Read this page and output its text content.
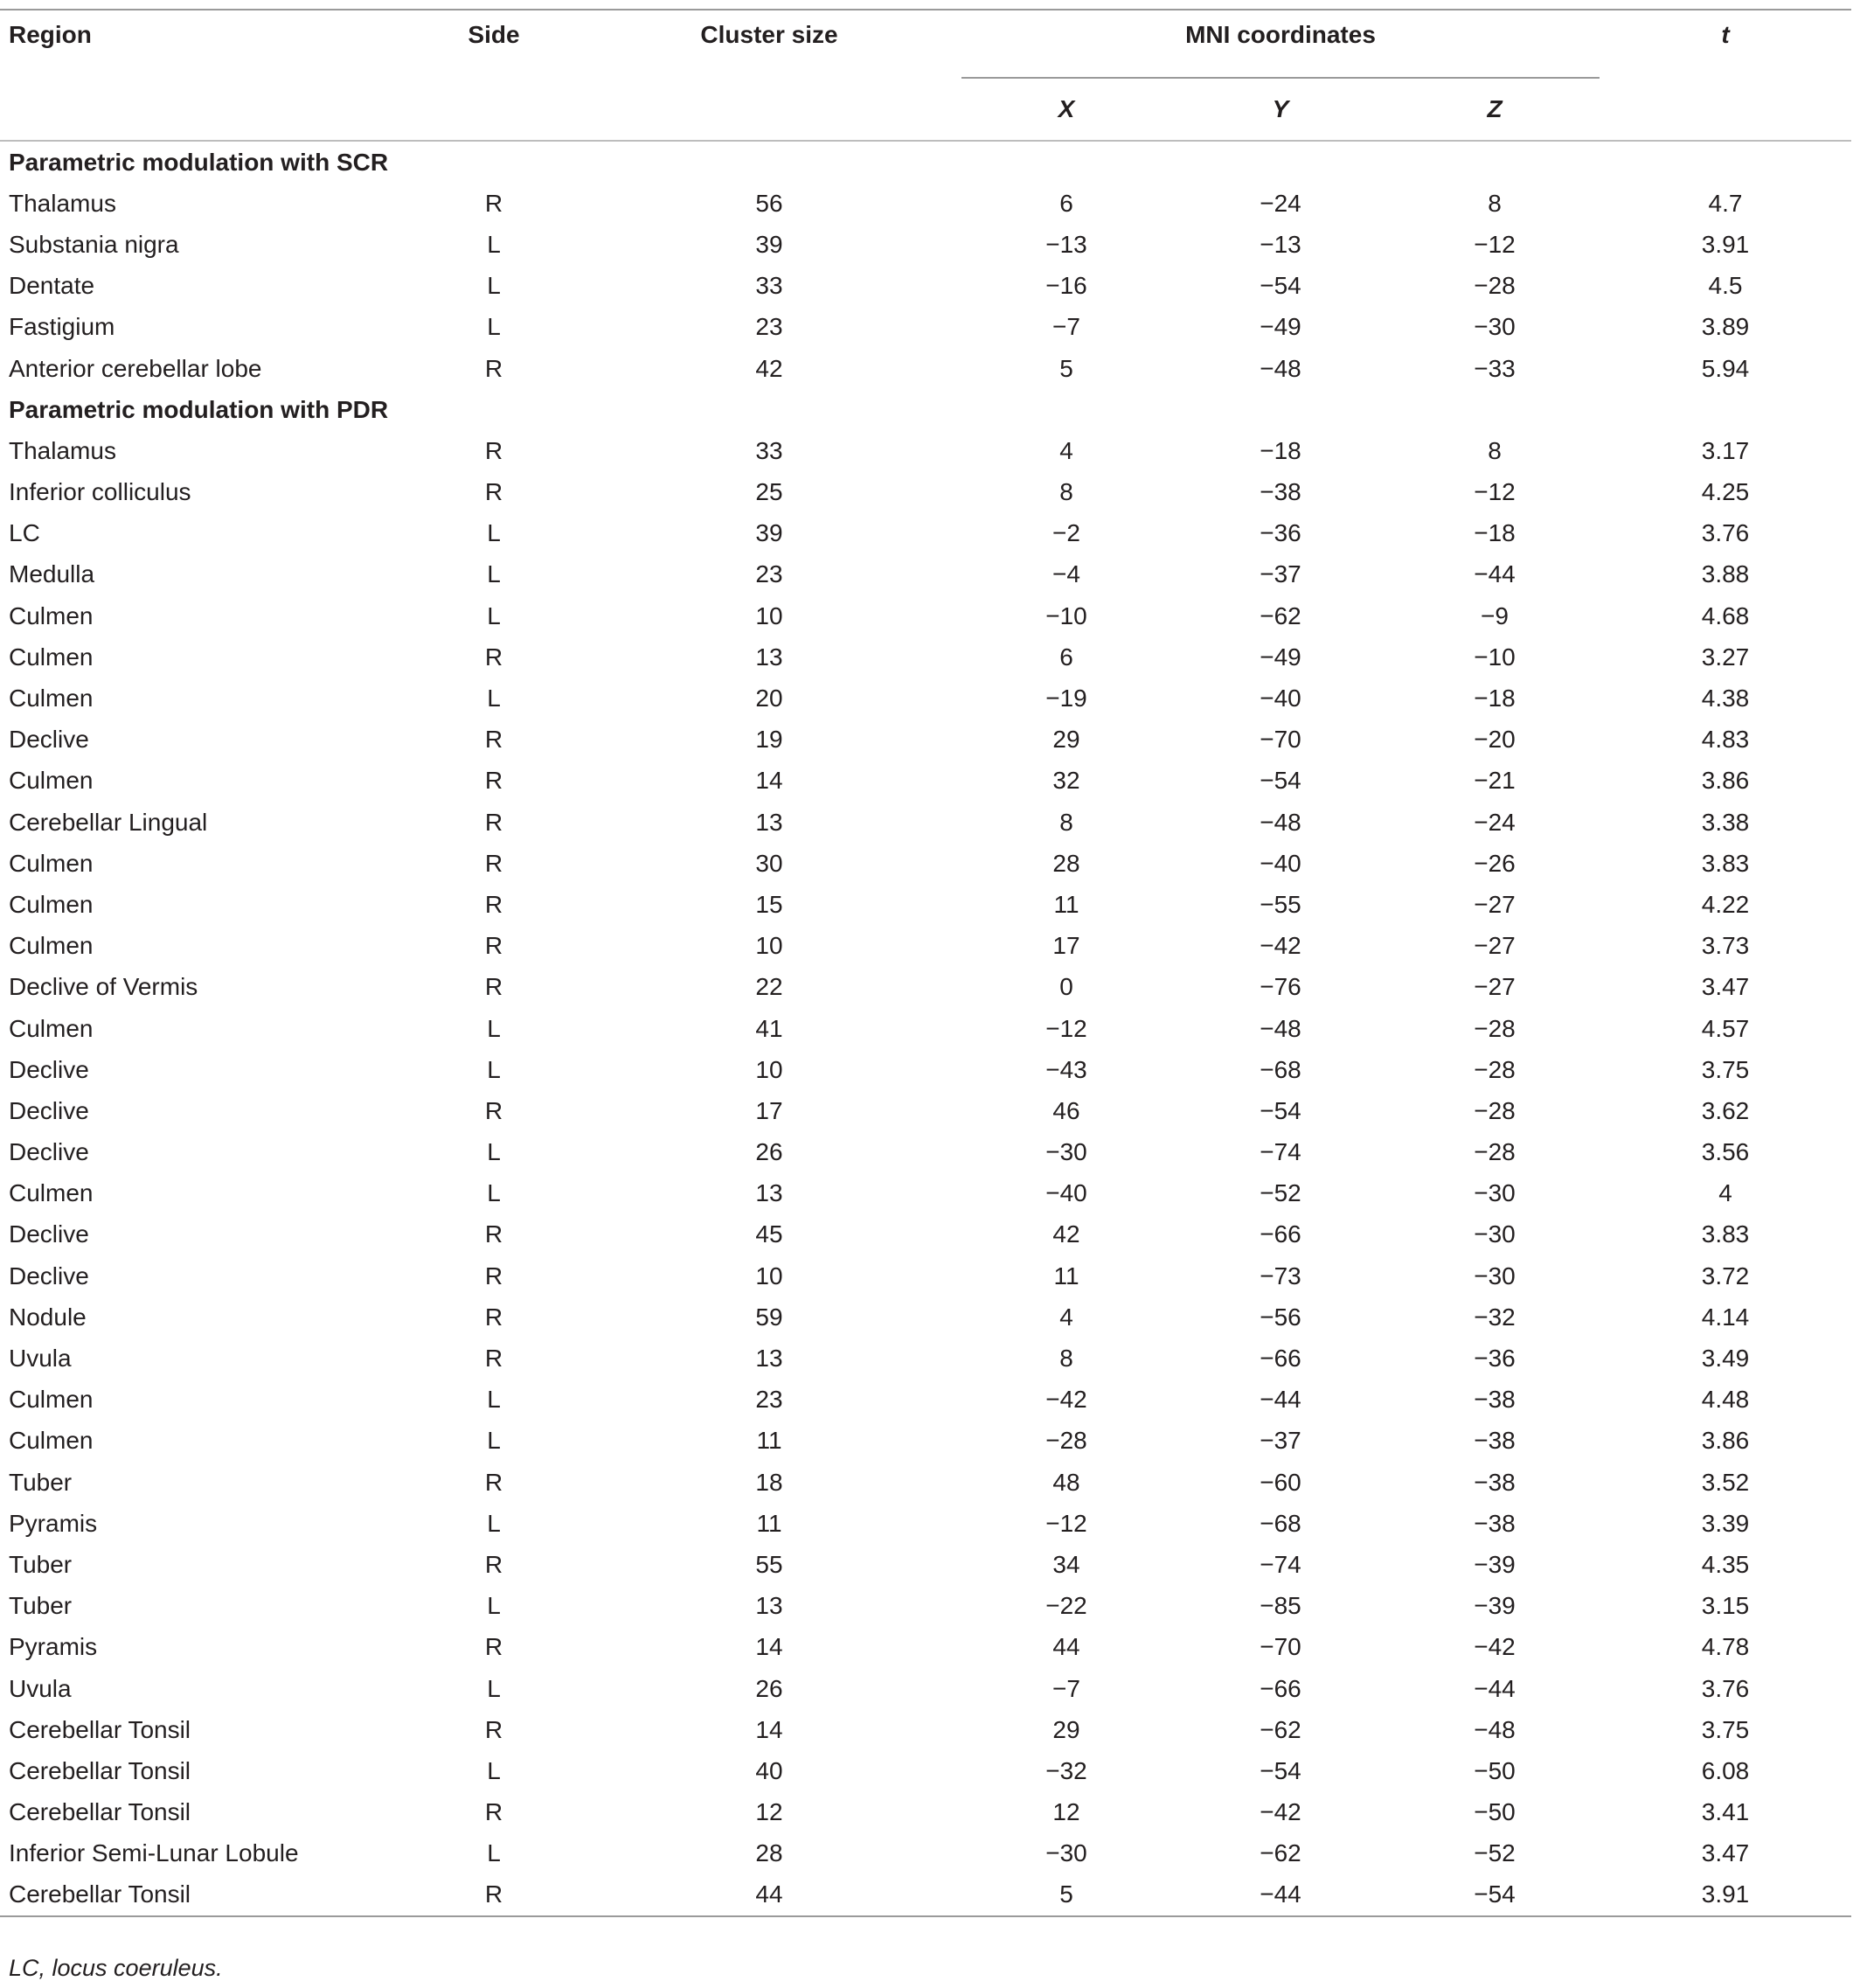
Region	Side	Cluster size	MNI coordinates			t
			X	Y	Z	
Parametric modulation with SCR						
Thalamus	R	56	6	−24	8	4.7
Substania nigra	L	39	−13	−13	−12	3.91
Dentate	L	33	−16	−54	−28	4.5
Fastigium	L	23	−7	−49	−30	3.89
Anterior cerebellar lobe	R	42	5	−48	−33	5.94
Parametric modulation with PDR						
Thalamus	R	33	4	−18	8	3.17
Inferior colliculus	R	25	8	−38	−12	4.25
LC	L	39	−2	−36	−18	3.76
Medulla	L	23	−4	−37	−44	3.88
Culmen	L	10	−10	−62	−9	4.68
Culmen	R	13	6	−49	−10	3.27
Culmen	L	20	−19	−40	−18	4.38
Declive	R	19	29	−70	−20	4.83
Culmen	R	14	32	−54	−21	3.86
Cerebellar Lingual	R	13	8	−48	−24	3.38
Culmen	R	30	28	−40	−26	3.83
Culmen	R	15	11	−55	−27	4.22
Culmen	R	10	17	−42	−27	3.73
Declive of Vermis	R	22	0	−76	−27	3.47
Culmen	L	41	−12	−48	−28	4.57
Declive	L	10	−43	−68	−28	3.75
Declive	R	17	46	−54	−28	3.62
Declive	L	26	−30	−74	−28	3.56
Culmen	L	13	−40	−52	−30	4
Declive	R	45	42	−66	−30	3.83
Declive	R	10	11	−73	−30	3.72
Nodule	R	59	4	−56	−32	4.14
Uvula	R	13	8	−66	−36	3.49
Culmen	L	23	−42	−44	−38	4.48
Culmen	L	11	−28	−37	−38	3.86
Tuber	R	18	48	−60	−38	3.52
Pyramis	L	11	−12	−68	−38	3.39
Tuber	R	55	34	−74	−39	4.35
Tuber	L	13	−22	−85	−39	3.15
Pyramis	R	14	44	−70	−42	4.78
Uvula	L	26	−7	−66	−44	3.76
Cerebellar Tonsil	R	14	29	−62	−48	3.75
Cerebellar Tonsil	L	40	−32	−54	−50	6.08
Cerebellar Tonsil	R	12	12	−42	−50	3.41
Inferior Semi-Lunar Lobule	L	28	−30	−62	−52	3.47
Cerebellar Tonsil	R	44	5	−44	−54	3.91
LC, locus coeruleus.
